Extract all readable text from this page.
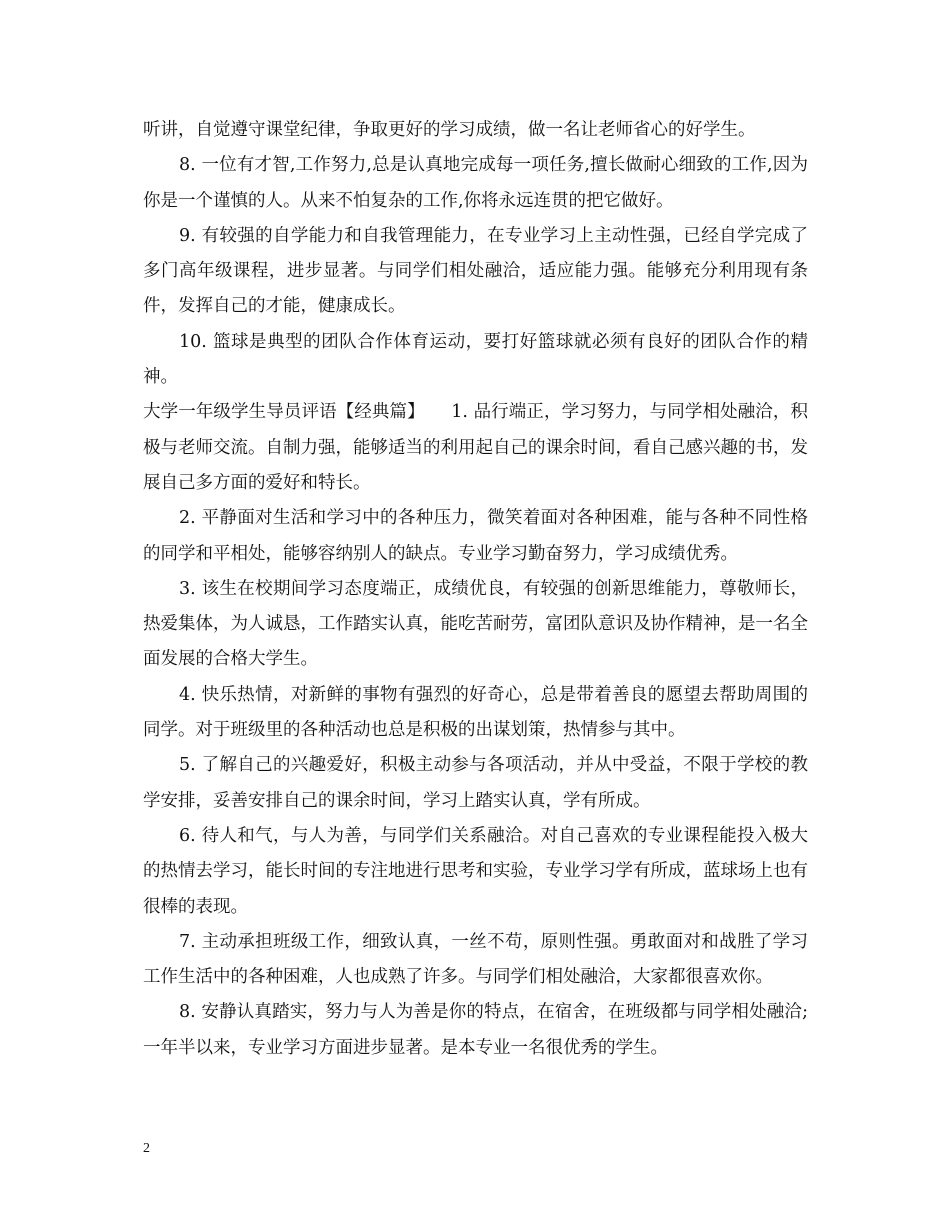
听讲，自觉遵守课堂纪律，争取更好的学习成绩，做一名让老师省心的好学生。

8. 一位有才智,工作努力,总是认真地完成每一项任务,擅长做耐心细致的工作,因为你是一个谨慎的人。从来不怕复杂的工作,你将永远连贯的把它做好。

9. 有较强的自学能力和自我管理能力，在专业学习上主动性强，已经自学完成了多门高年级课程，进步显著。与同学们相处融洽，适应能力强。能够充分利用现有条件，发挥自己的才能，健康成长。

10. 篮球是典型的团队合作体育运动，要打好篮球就必须有良好的团队合作的精神。

大学一年级学生导员评语【经典篇】　　 1. 品行端正，学习努力，与同学相处融洽，积极与老师交流。自制力强，能够适当的利用起自己的课余时间，看自己感兴趣的书，发展自己多方面的爱好和特长。

2. 平静面对生活和学习中的各种压力，微笑着面对各种困难，能与各种不同性格的同学和平相处，能够容纳别人的缺点。专业学习勤奋努力，学习成绩优秀。

3. 该生在校期间学习态度端正，成绩优良，有较强的创新思维能力，尊敬师长，热爱集体，为人诚恳，工作踏实认真，能吃苦耐劳，富团队意识及协作精神，是一名全面发展的合格大学生。

4. 快乐热情，对新鲜的事物有强烈的好奇心，总是带着善良的愿望去帮助周围的同学。对于班级里的各种活动也总是积极的出谋划策，热情参与其中。

5. 了解自己的兴趣爱好，积极主动参与各项活动，并从中受益，不限于学校的教学安排，妥善安排自己的课余时间，学习上踏实认真，学有所成。

6. 待人和气，与人为善，与同学们关系融洽。对自己喜欢的专业课程能投入极大的热情去学习，能长时间的专注地进行思考和实验，专业学习学有所成，蓝球场上也有很棒的表现。

7. 主动承担班级工作，细致认真，一丝不苟，原则性强。勇敢面对和战胜了学习工作生活中的各种困难，人也成熟了许多。与同学们相处融洽，大家都很喜欢你。

8. 安静认真踏实，努力与人为善是你的特点，在宿舍，在班级都与同学相处融洽;一年半以来，专业学习方面进步显著。是本专业一名很优秀的学生。

2
